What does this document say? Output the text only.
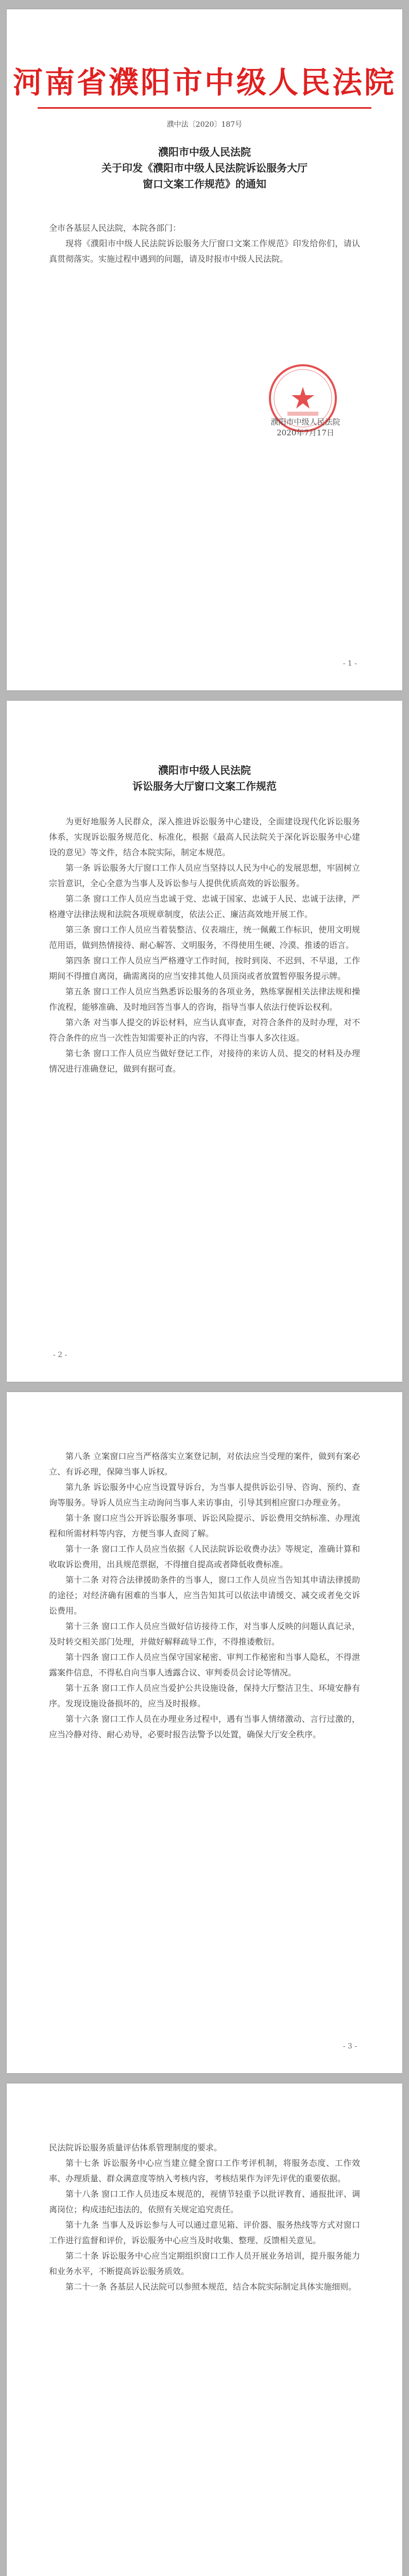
河南省濮阳市中级人民法院
濮中法〔2020〕187号
濮阳市中级人民法院
关于印发《濮阳市中级人民法院诉讼服务大厅
窗口文案工作规范》的通知

全市各基层人民法院，本院各部门：

现将《濮阳市中级人民法院诉讼服务大厅窗口文案工作规范》印发给你们，请认真贯彻落实。实施过程中遇到的问题，请及时报市中级人民法院。

濮阳市中级人民法院
2020年7月17日
- 1 -
濮阳市中级人民法院
诉讼服务大厅窗口文案工作规范

为更好地服务人民群众，深入推进诉讼服务中心建设，全面建设现代化诉讼服务体系，实现诉讼服务规范化、标准化，根据《最高人民法院关于深化诉讼服务中心建设的意见》等文件，结合本院实际，制定本规范。

第一条 诉讼服务大厅窗口工作人员应当坚持以人民为中心的发展思想，牢固树立宗旨意识，全心全意为当事人及诉讼参与人提供优质高效的诉讼服务。

第二条 窗口工作人员应当忠诚于党、忠诚于国家、忠诚于人民、忠诚于法律，严格遵守法律法规和法院各项规章制度，依法公正、廉洁高效地开展工作。

第三条 窗口工作人员应当着装整洁、仪表端庄，统一佩戴工作标识，使用文明规范用语，做到热情接待、耐心解答、文明服务，不得使用生硬、冷漠、推诿的语言。

第四条 窗口工作人员应当严格遵守工作时间，按时到岗、不迟到、不早退，工作期间不得擅自离岗，确需离岗的应当安排其他人员顶岗或者放置暂停服务提示牌。

第五条 窗口工作人员应当熟悉诉讼服务的各项业务，熟练掌握相关法律法规和操作流程，能够准确、及时地回答当事人的咨询，指导当事人依法行使诉讼权利。

第六条 对当事人提交的诉讼材料，应当认真审查，对符合条件的及时办理，对不符合条件的应当一次性告知需要补正的内容，不得让当事人多次往返。

第七条 窗口工作人员应当做好登记工作，对接待的来访人员、提交的材料及办理情况进行准确登记，做到有据可查。

- 2 -

第八条 立案窗口应当严格落实立案登记制，对依法应当受理的案件，做到有案必立、有诉必理，保障当事人诉权。

第九条 诉讼服务中心应当设置导诉台，为当事人提供诉讼引导、咨询、预约、查询等服务。导诉人员应当主动询问当事人来访事由，引导其到相应窗口办理业务。

第十条 窗口应当公开诉讼服务事项、诉讼风险提示、诉讼费用交纳标准、办理流程和所需材料等内容，方便当事人查阅了解。

第十一条 窗口工作人员应当依据《人民法院诉讼收费办法》等规定，准确计算和收取诉讼费用，出具规范票据，不得擅自提高或者降低收费标准。

第十二条 对符合法律援助条件的当事人，窗口工作人员应当告知其申请法律援助的途径；对经济确有困难的当事人，应当告知其可以依法申请缓交、减交或者免交诉讼费用。

第十三条 窗口工作人员应当做好信访接待工作，对当事人反映的问题认真记录，及时转交相关部门处理，并做好解释疏导工作，不得推诿敷衍。

第十四条 窗口工作人员应当保守国家秘密、审判工作秘密和当事人隐私，不得泄露案件信息，不得私自向当事人透露合议、审判委员会讨论等情况。

第十五条 窗口工作人员应当爱护公共设施设备，保持大厅整洁卫生、环境安静有序。发现设施设备损坏的，应当及时报修。

第十六条 窗口工作人员在办理业务过程中，遇有当事人情绪激动、言行过激的，应当冷静对待、耐心劝导，必要时报告法警予以处置，确保大厅安全秩序。

- 3 -

民法院诉讼服务质量评估体系管理制度的要求。

第十七条 诉讼服务中心应当建立健全窗口工作考评机制，将服务态度、工作效率、办理质量、群众满意度等纳入考核内容，考核结果作为评先评优的重要依据。

第十八条 窗口工作人员违反本规范的，视情节轻重予以批评教育、通报批评、调离岗位；构成违纪违法的，依照有关规定追究责任。

第十九条 当事人及诉讼参与人可以通过意见箱、评价器、服务热线等方式对窗口工作进行监督和评价，诉讼服务中心应当及时收集、整理、反馈相关意见。

第二十条 诉讼服务中心应当定期组织窗口工作人员开展业务培训，提升服务能力和业务水平，不断提高诉讼服务质效。

第二十一条 各基层人民法院可以参照本规范，结合本院实际制定具体实施细则。
